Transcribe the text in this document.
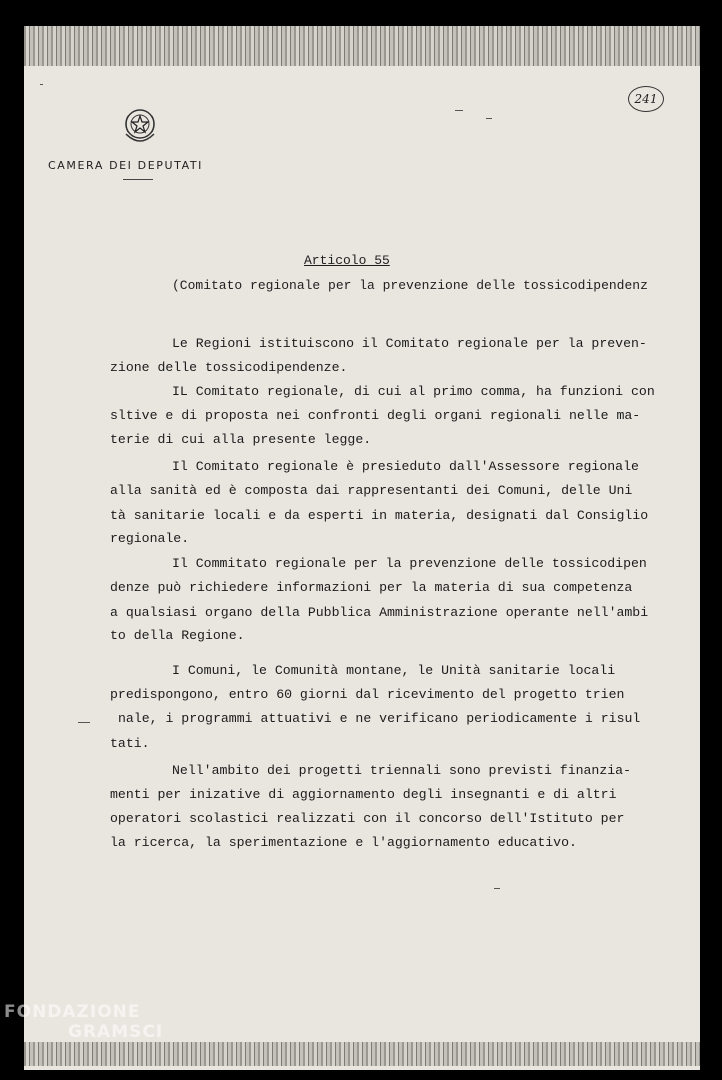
CAMERA DEI DEPUTATI
241
Articolo 55
(Comitato regionale per la prevenzione delle tossicodipendenz
Le Regioni istituiscono il Comitato regionale per la preven-
zione delle tossicodipendenze.
IL Comitato regionale, di cui al primo comma, ha funzioni con
sltive e di proposta nei confronti degli organi regionali nelle ma-
terie di cui alla presente legge.
Il Comitato regionale è presieduto dall'Assessore regionale
alla sanità ed è composta dai rappresentanti dei Comuni, delle Uni
tà sanitarie locali e da esperti in materia, designati dal Consiglio
regionale.
Il Commitato regionale per la prevenzione delle tossicodipen
denze può richiedere informazioni per la materia di sua competenza
a qualsiasi organo della Pubblica Amministrazione operante nell'ambi
to della Regione.
I Comuni, le Comunità montane, le Unità sanitarie locali
predispongono, entro 60 giorni dal ricevimento del progetto trien
nale, i programmi attuativi e ne verificano periodicamente i risul
tati.
Nell'ambito dei progetti triennali sono previsti finanzia-
menti per inizative di aggiornamento degli insegnanti e di altri
operatori scolastici realizzati con il concorso dell'Istituto per
la ricerca, la sperimentazione e l'aggiornamento educativo.
FONDAZIONE
GRAMSCI
